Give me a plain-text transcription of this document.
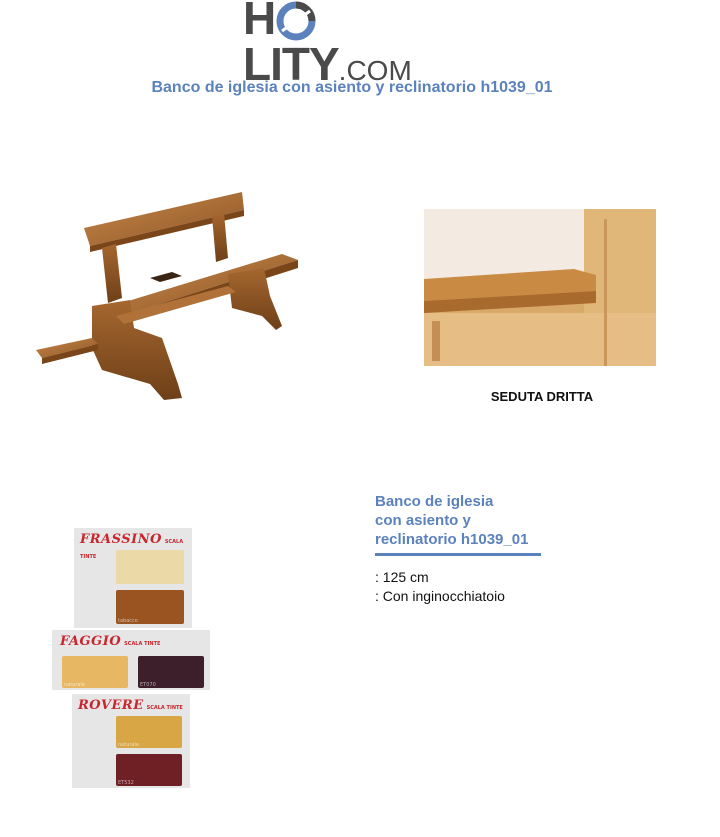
HLITY.COM
Banco de iglesia con asiento y reclinatorio h1039_01
SEDUTA DRITTA
Banco de iglesia
con asiento y
reclinatorio h1039_01
: 125 cm
: Con inginocchiatoio
FRASSINO SCALA TINTE
tabacco
FAGGIO SCALA TINTE
naturale	ET070
ROVERE SCALA TINTE
naturale
ET532
